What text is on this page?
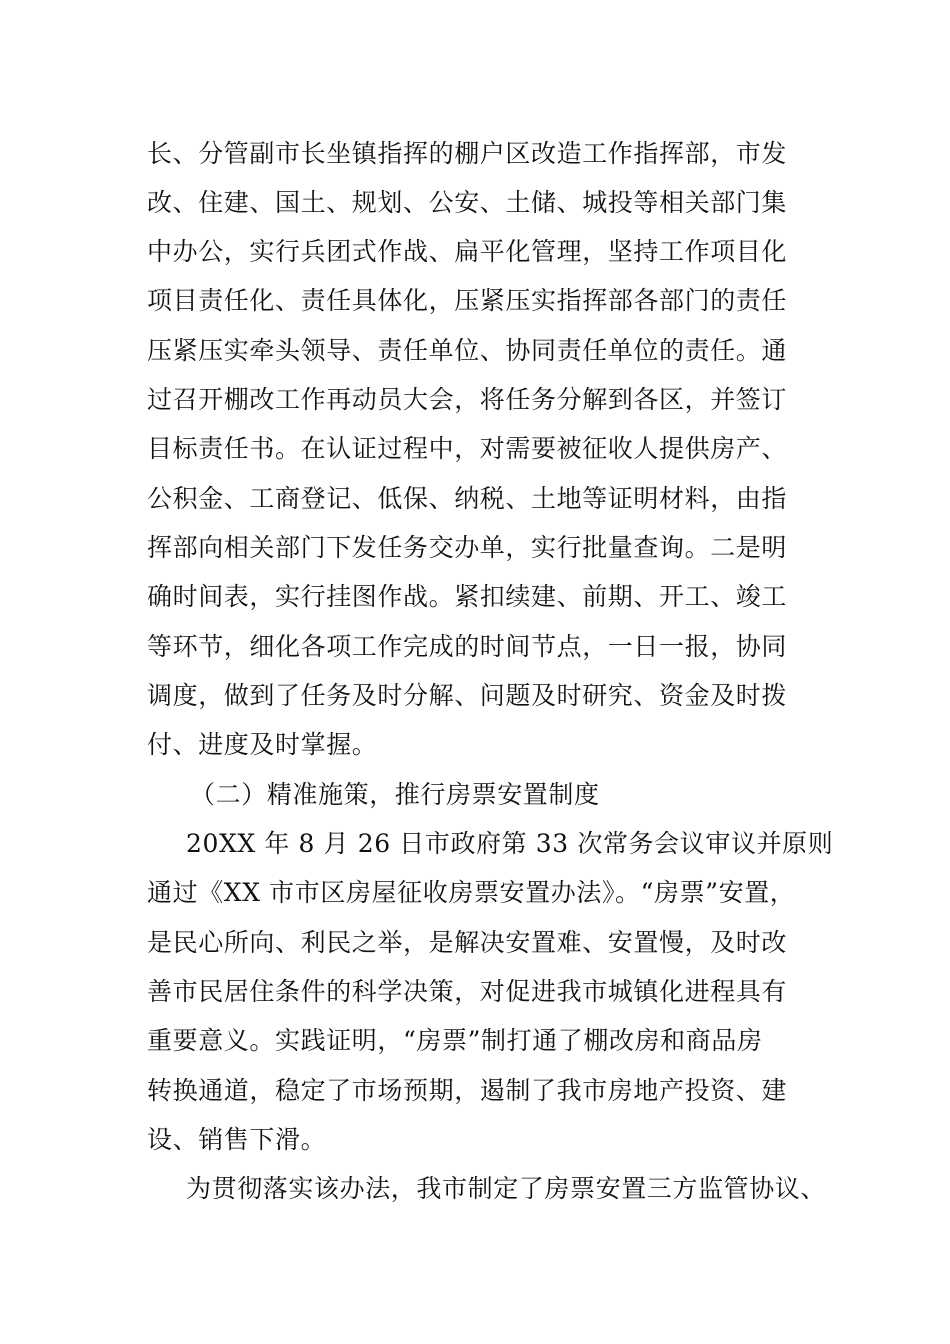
长、分管副市长坐镇指挥的棚户区改造工作指挥部，市发
改、住建、国土、规划、公安、土储、城投等相关部门集
中办公，实行兵团式作战、扁平化管理，坚持工作项目化
项目责任化、责任具体化，压紧压实指挥部各部门的责任
压紧压实牵头领导、责任单位、协同责任单位的责任。通
过召开棚改工作再动员大会，将任务分解到各区，并签订
目标责任书。在认证过程中，对需要被征收人提供房产、
公积金、工商登记、低保、纳税、土地等证明材料，由指
挥部向相关部门下发任务交办单，实行批量查询。二是明
确时间表，实行挂图作战。紧扣续建、前期、开工、竣工
等环节，细化各项工作完成的时间节点，一日一报，协同
调度，做到了任务及时分解、问题及时研究、资金及时拨
付、进度及时掌握。
（二）精准施策，推行房票安置制度
20XX 年 8 月 26 日市政府第 33 次常务会议审议并原则
通过《XX 市市区房屋征收房票安置办法》。“房票”安置，
是民心所向、利民之举，是解决安置难、安置慢，及时改
善市民居住条件的科学决策，对促进我市城镇化进程具有
重要意义。实践证明，“房票”制打通了棚改房和商品房
转换通道，稳定了市场预期，遏制了我市房地产投资、建
设、销售下滑。
为贯彻落实该办法，我市制定了房票安置三方监管协议、
